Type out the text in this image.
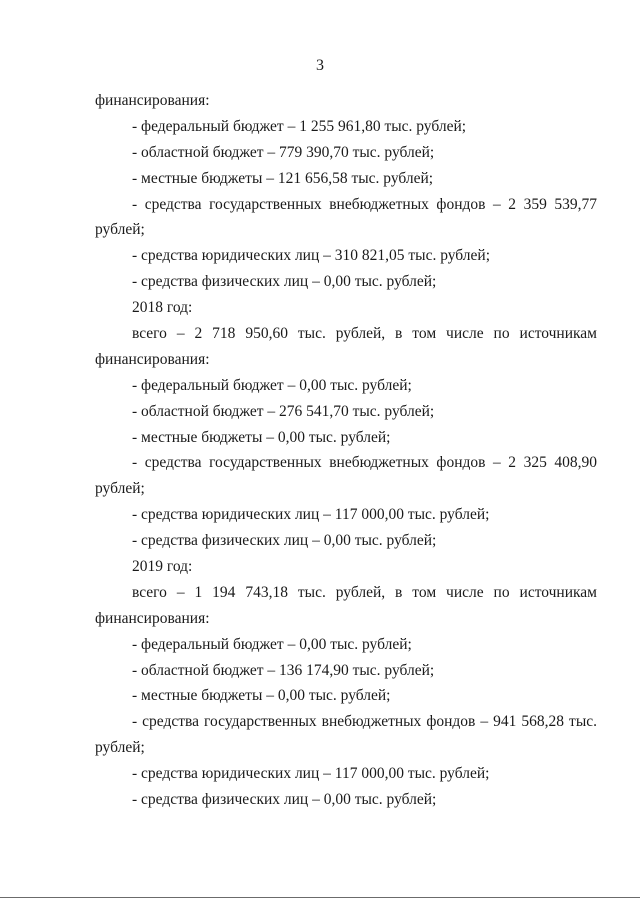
3
финансирования:
- федеральный бюджет – 1 255 961,80 тыс. рублей;
- областной бюджет – 779 390,70 тыс. рублей;
- местные бюджеты – 121 656,58 тыс. рублей;
- средства государственных внебюджетных фондов – 2 359 539,77
рублей;
- средства юридических лиц – 310 821,05 тыс. рублей;
- средства физических лиц – 0,00 тыс. рублей;
2018 год:
всего – 2 718 950,60 тыс. рублей, в том числе по источникам
финансирования:
- федеральный бюджет – 0,00 тыс. рублей;
- областной бюджет – 276 541,70 тыс. рублей;
- местные бюджеты – 0,00 тыс. рублей;
- средства государственных внебюджетных фондов – 2 325 408,90
рублей;
- средства юридических лиц – 117 000,00 тыс. рублей;
- средства физических лиц – 0,00 тыс. рублей;
2019 год:
всего – 1 194 743,18 тыс. рублей, в том числе по источникам
финансирования:
- федеральный бюджет – 0,00 тыс. рублей;
- областной бюджет – 136 174,90 тыс. рублей;
- местные бюджеты – 0,00 тыс. рублей;
- средства государственных внебюджетных фондов – 941 568,28 тыс.
рублей;
- средства юридических лиц – 117 000,00 тыс. рублей;
- средства физических лиц – 0,00 тыс. рублей;
